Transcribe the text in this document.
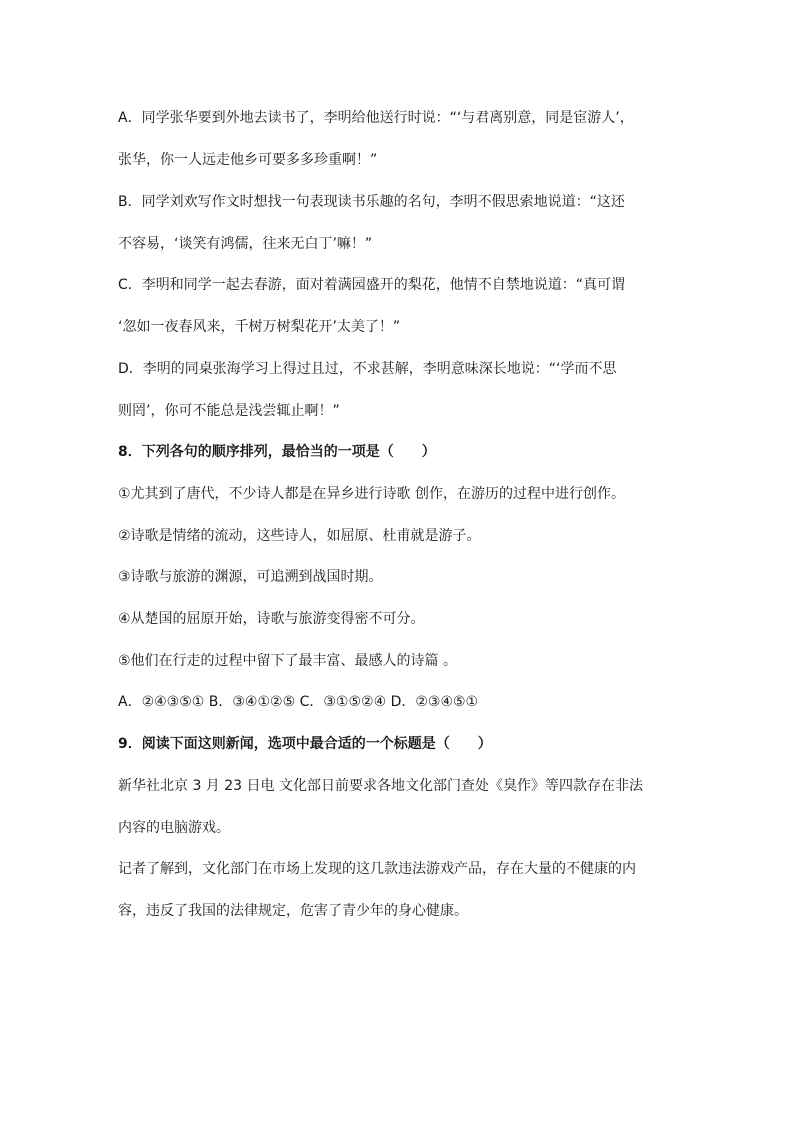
A．同学张华要到外地去读书了，李明给他送行时说：“‘与君离别意，同是宦游人’，
张华，你一人远走他乡可要多多珍重啊！”
B．同学刘欢写作文时想找一句表现读书乐趣的名句，李明不假思索地说道：“这还
不容易，‘谈笑有鸿儒，往来无白丁’嘛！”
C．李明和同学一起去春游，面对着满园盛开的梨花，他情不自禁地说道：“真可谓
‘忽如一夜春风来，千树万树梨花开’太美了！”
D．李明的同桌张海学习上得过且过，不求甚解，李明意味深长地说：“‘学而不思
则罔’，你可不能总是浅尝辄止啊！”
8．下列各句的顺序排列，最恰当的一项是（　　）
①尤其到了唐代，不少诗人都是在异乡进行诗歌 创作，在游历的过程中进行创作。
②诗歌是情绪的流动，这些诗人，如屈原、杜甫就是游子。
③诗歌与旅游的渊源，可追溯到战国时期。
④从楚国的屈原开始，诗歌与旅游变得密不可分。
⑤他们在行走的过程中留下了最丰富、最感人的诗篇 。
A．②④③⑤① B．③④①②⑤ C．③①⑤②④ D．②③④⑤①
9．阅读下面这则新闻，选项中最合适的一个标题是（　　）
新华社北京 3 月 23 日电 文化部日前要求各地文化部门查处《臭作》等四款存在非法
内容的电脑游戏。
记者了解到，文化部门在市场上发现的这几款违法游戏产品，存在大量的不健康的内
容，违反了我国的法律规定，危害了青少年的身心健康。
